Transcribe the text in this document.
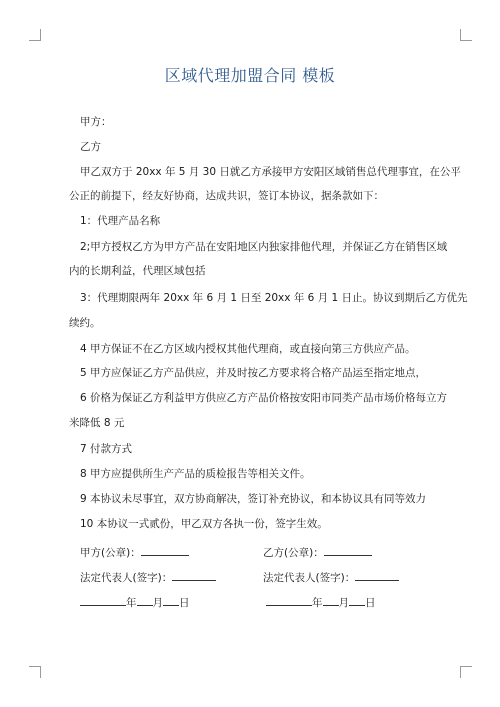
区域代理加盟合同 模板
甲方：
乙方
甲乙双方于 20xx 年 5 月 30 日就乙方承接甲方安阳区域销售总代理事宜，在公平
公正的前提下，经友好协商，达成共识，签订本协议，据条款如下：
1：代理产品名称
2;甲方授权乙方为甲方产品在安阳地区内独家排他代理，并保证乙方在销售区域
内的长期利益，代理区域包括
3：代理期限两年 20xx 年 6 月 1 日至 20xx 年 6 月 1 日止。协议到期后乙方优先
续约。
4 甲方保证不在乙方区域内授权其他代理商，或直接向第三方供应产品。
5 甲方应保证乙方产品供应，并及时按乙方要求将合格产品运至指定地点，
6 价格为保证乙方利益甲方供应乙方产品价格按安阳市同类产品市场价格每立方
米降低 8 元
7 付款方式
8 甲方应提供所生产产品的质检报告等相关文件。
9 本协议未尽事宜，双方协商解决，签订补充协议，和本协议具有同等效力
10 本协议一式贰份，甲乙双方各执一份，签字生效。
甲方(公章)：	乙方(公章)：
法定代表人(签字)：	法定代表人(签字)：
年 月 日	年 月 日
